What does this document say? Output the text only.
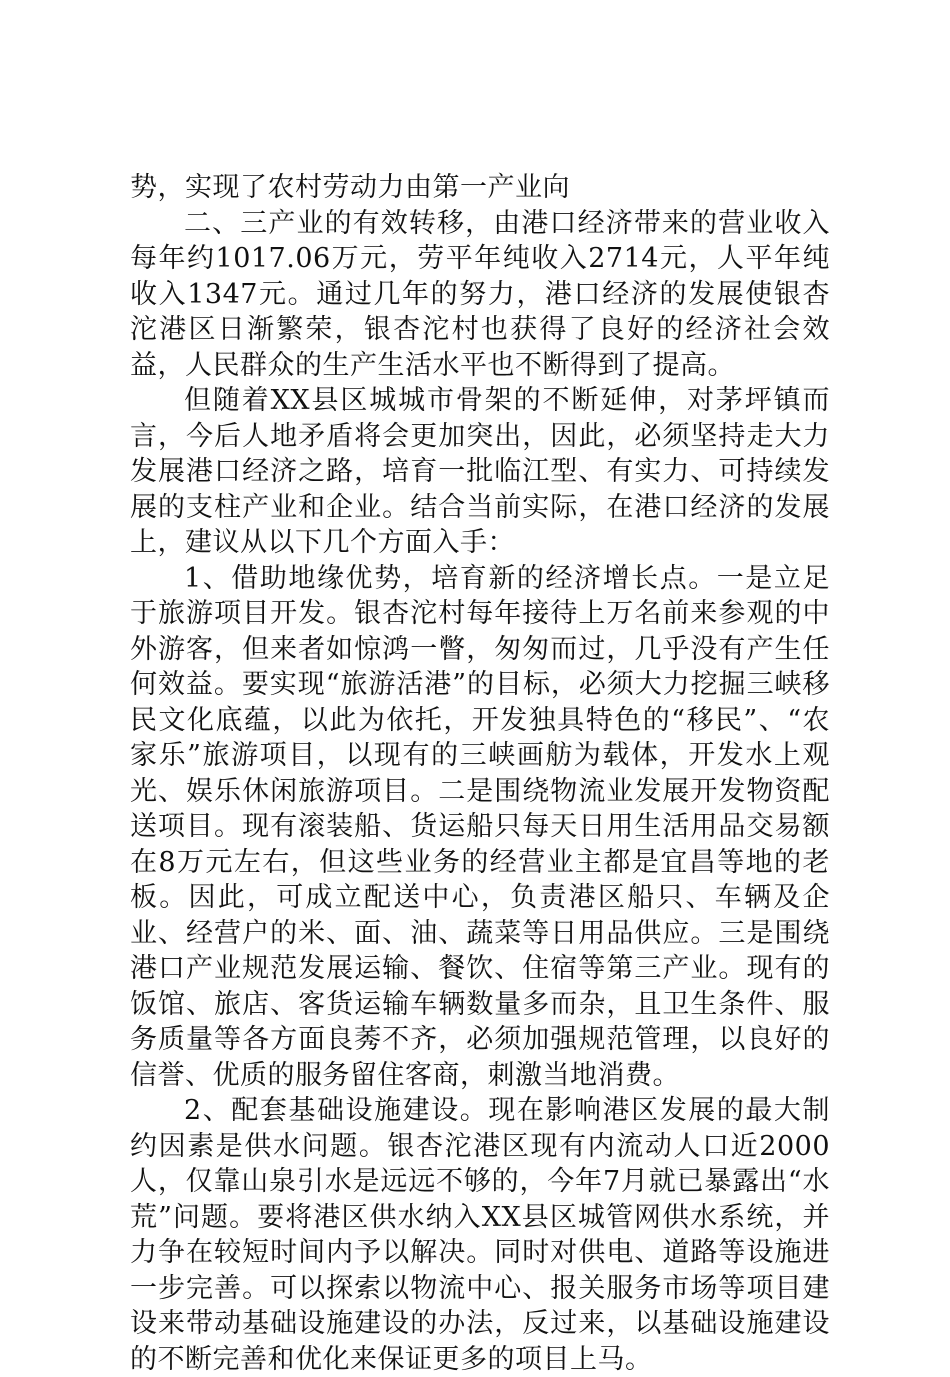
势，实现了农村劳动力由第一产业向

二、三产业的有效转移，由港口经济带来的营业收入每年约1017.06万元，劳平年纯收入2714元，人平年纯收入1347元。通过几年的努力，港口经济的发展使银杏沱港区日渐繁荣，银杏沱村也获得了良好的经济社会效益，人民群众的生产生活水平也不断得到了提高。

但随着XX县区城城市骨架的不断延伸，对茅坪镇而言，今后人地矛盾将会更加突出，因此，必须坚持走大力发展港口经济之路，培育一批临江型、有实力、可持续发展的支柱产业和企业。结合当前实际，在港口经济的发展上，建议从以下几个方面入手：

1、借助地缘优势，培育新的经济增长点。一是立足于旅游项目开发。银杏沱村每年接待上万名前来参观的中外游客，但来者如惊鸿一瞥，匆匆而过，几乎没有产生任何效益。要实现“旅游活港”的目标，必须大力挖掘三峡移民文化底蕴，以此为依托，开发独具特色的“移民”、“农家乐”旅游项目，以现有的三峡画舫为载体，开发水上观光、娱乐休闲旅游项目。二是围绕物流业发展开发物资配送项目。现有滚装船、货运船只每天日用生活用品交易额在8万元左右，但这些业务的经营业主都是宜昌等地的老板。因此，可成立配送中心，负责港区船只、车辆及企业、经营户的米、面、油、蔬菜等日用品供应。三是围绕港口产业规范发展运输、餐饮、住宿等第三产业。现有的饭馆、旅店、客货运输车辆数量多而杂，且卫生条件、服务质量等各方面良莠不齐，必须加强规范管理，以良好的信誉、优质的服务留住客商，刺激当地消费。

2、配套基础设施建设。现在影响港区发展的最大制约因素是供水问题。银杏沱港区现有内流动人口近2000人，仅靠山泉引水是远远不够的，今年7月就已暴露出“水荒”问题。要将港区供水纳入XX县区城管网供水系统，并力争在较短时间内予以解决。同时对供电、道路等设施进一步完善。可以探索以物流中心、报关服务市场等项目建设来带动基础设施建设的办法，反过来，以基础设施建设的不断完善和优化来保证更多的项目上马。
